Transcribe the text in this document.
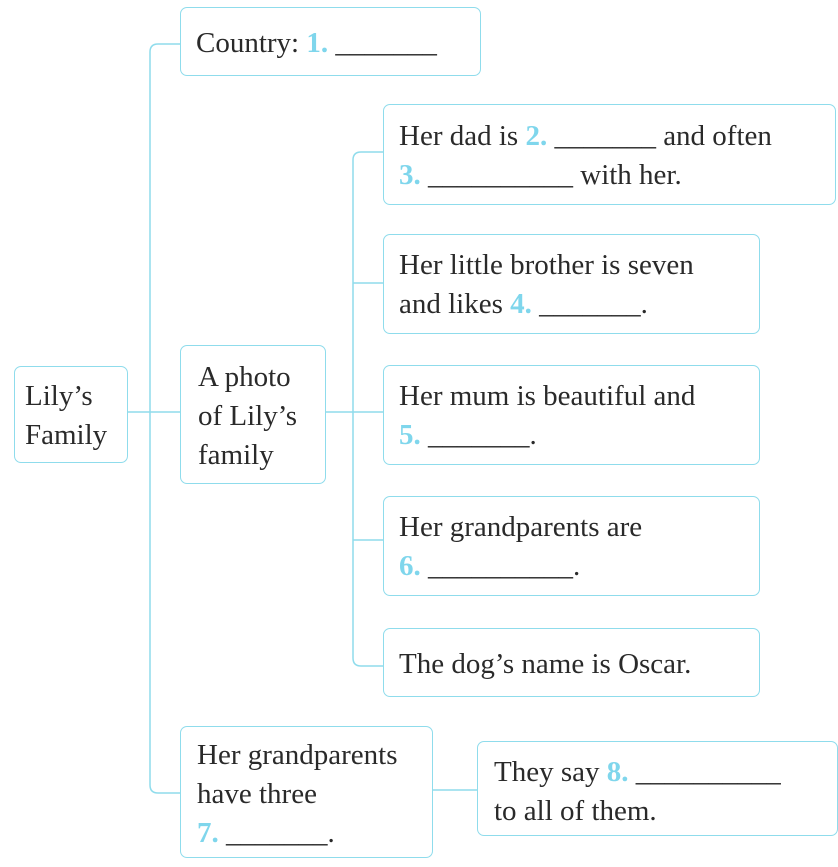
Lily’s
Family
Country: 1. _______
A photo
of Lily’s
family
Her dad is 2. _______ and often
3. __________ with her.
Her little brother is seven
and likes 4. _______.
Her mum is beautiful and
5. _______.
Her grandparents are
6. __________.
The dog’s name is Oscar.
Her grandparents
have three
7. _______.
They say 8. __________
to all of them.
